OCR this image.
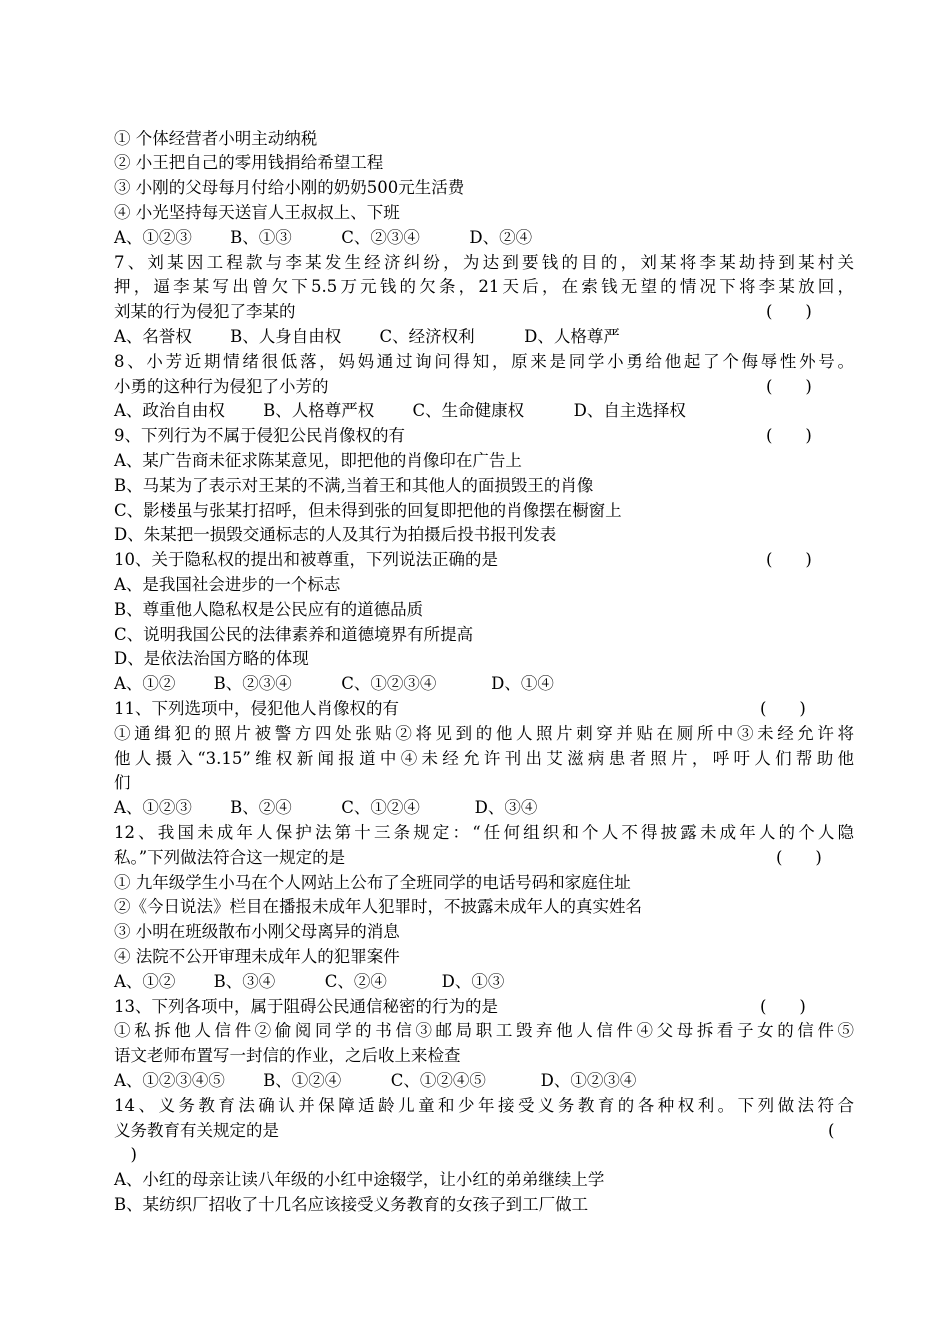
① 个体经营者小明主动纳税
② 小王把自己的零用钱捐给希望工程
③ 小刚的父母每月付给小刚的奶奶500元生活费
④ 小光坚持每天送盲人王叔叔上、下班
A、①②③　　 B、①③　　　C、②③④　　　D、②④
7、刘某因工程款与李某发生经济纠纷，为达到要钱的目的，刘某将李某劫持到某村关
押，逼李某写出曾欠下5.5万元钱的欠条，21天后，在索钱无望的情况下将李某放回，
刘某的行为侵犯了李某的	(　　)
A、名誉权　　 B、人身自由权　　 C、经济权利　　　D、人格尊严
8、小芳近期情绪很低落，妈妈通过询问得知，原来是同学小勇给他起了个侮辱性外号。
小勇的这种行为侵犯了小芳的	(　　)
A、政治自由权　　 B、人格尊严权　　 C、生命健康权　　　D、自主选择权
9、下列行为不属于侵犯公民肖像权的有	(　　)
A、某广告商未征求陈某意见，即把他的肖像印在广告上
B、马某为了表示对王某的不满,当着王和其他人的面损毁王的肖像
C、影楼虽与张某打招呼，但未得到张的回复即把他的肖像摆在橱窗上
D、朱某把一损毁交通标志的人及其行为拍摄后投书报刊发表
10、关于隐私权的提出和被尊重，下列说法正确的是	(　　)
A、是我国社会进步的一个标志
B、尊重他人隐私权是公民应有的道德品质
C、说明我国公民的法律素养和道德境界有所提高
D、是依法治国方略的体现
A、①②　　 B、②③④　　　C、①②③④　　　 D、①④
11、下列选项中，侵犯他人肖像权的有	(　　)
①通缉犯的照片被警方四处张贴②将见到的他人照片刺穿并贴在厕所中③未经允许将
他人摄入“3.15”维权新闻报道中④未经允许刊出艾滋病患者照片，呼吁人们帮助他
们
A、①②③　　 B、②④　　　C、①②④　　　 D、③④
12、我国未成年人保护法第十三条规定：“任何组织和个人不得披露未成年人的个人隐
私。”下列做法符合这一规定的是	(　　)
① 九年级学生小马在个人网站上公布了全班同学的电话号码和家庭住址
②《今日说法》栏目在播报未成年人犯罪时，不披露未成年人的真实姓名
③ 小明在班级散布小刚父母离异的消息
④ 法院不公开审理未成年人的犯罪案件
A、①②　　 B、③④　　　C、②④　　　 D、①③
13、下列各项中，属于阻碍公民通信秘密的行为的是	(　　)
①私拆他人信件②偷阅同学的书信③邮局职工毁弃他人信件④父母拆看子女的信件⑤
语文老师布置写一封信的作业，之后收上来检查
A、①②③④⑤　　 B、①②④　　　C、①②④⑤　　　 D、①②③④
14、义务教育法确认并保障适龄儿童和少年接受义务教育的各种权利。下列做法符合
义务教育有关规定的是	(
　)
A、小红的母亲让读八年级的小红中途辍学，让小红的弟弟继续上学
B、某纺织厂招收了十几名应该接受义务教育的女孩子到工厂做工
